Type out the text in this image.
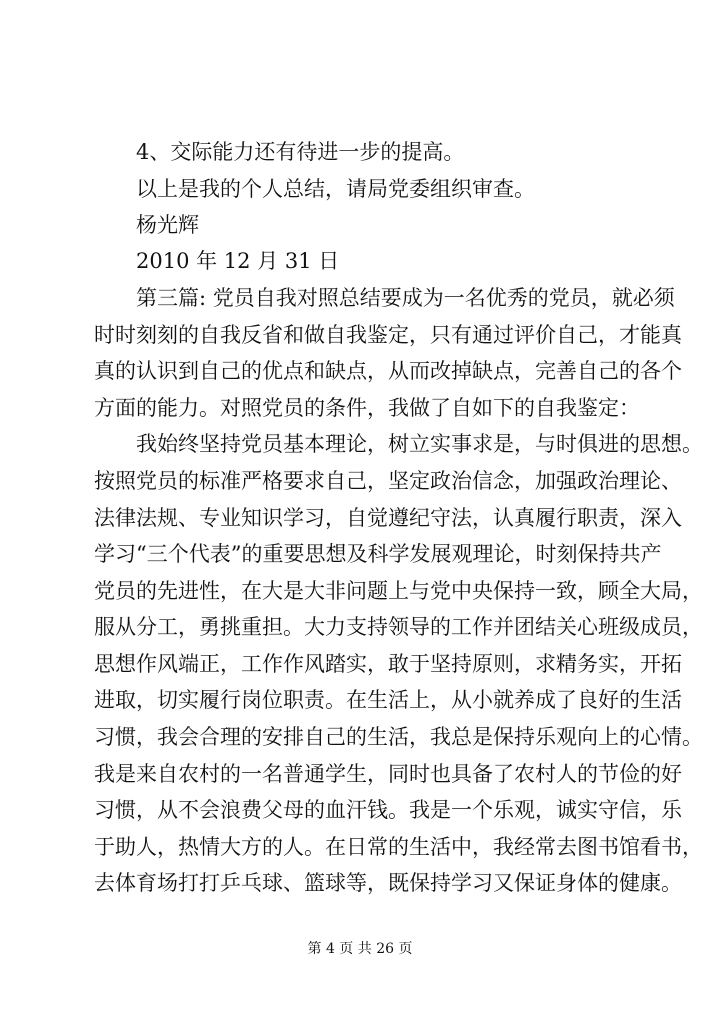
4、交际能力还有待进一步的提高。
以上是我的个人总结，请局党委组织审查。
杨光辉
2010 年 12 月 31 日
第三篇: 党员自我对照总结要成为一名优秀的党员，就必须
时时刻刻的自我反省和做自我鉴定，只有通过评价自己，才能真
真的认识到自己的优点和缺点，从而改掉缺点，完善自己的各个
方面的能力。对照党员的条件，我做了自如下的自我鉴定：
我始终坚持党员基本理论，树立实事求是，与时俱进的思想。
按照党员的标准严格要求自己，坚定政治信念，加强政治理论、
法律法规、专业知识学习，自觉遵纪守法，认真履行职责，深入
学习“三个代表”的重要思想及科学发展观理论，时刻保持共产
党员的先进性，在大是大非问题上与党中央保持一致，顾全大局，
服从分工，勇挑重担。大力支持领导的工作并团结关心班级成员，
思想作风端正，工作作风踏实，敢于坚持原则，求精务实，开拓
进取，切实履行岗位职责。在生活上，从小就养成了良好的生活
习惯，我会合理的安排自己的生活，我总是保持乐观向上的心情。
我是来自农村的一名普通学生，同时也具备了农村人的节俭的好
习惯，从不会浪费父母的血汗钱。我是一个乐观，诚实守信，乐
于助人，热情大方的人。在日常的生活中，我经常去图书馆看书，
去体育场打打乒乓球、篮球等，既保持学习又保证身体的健康。
第 4 页 共 26 页
